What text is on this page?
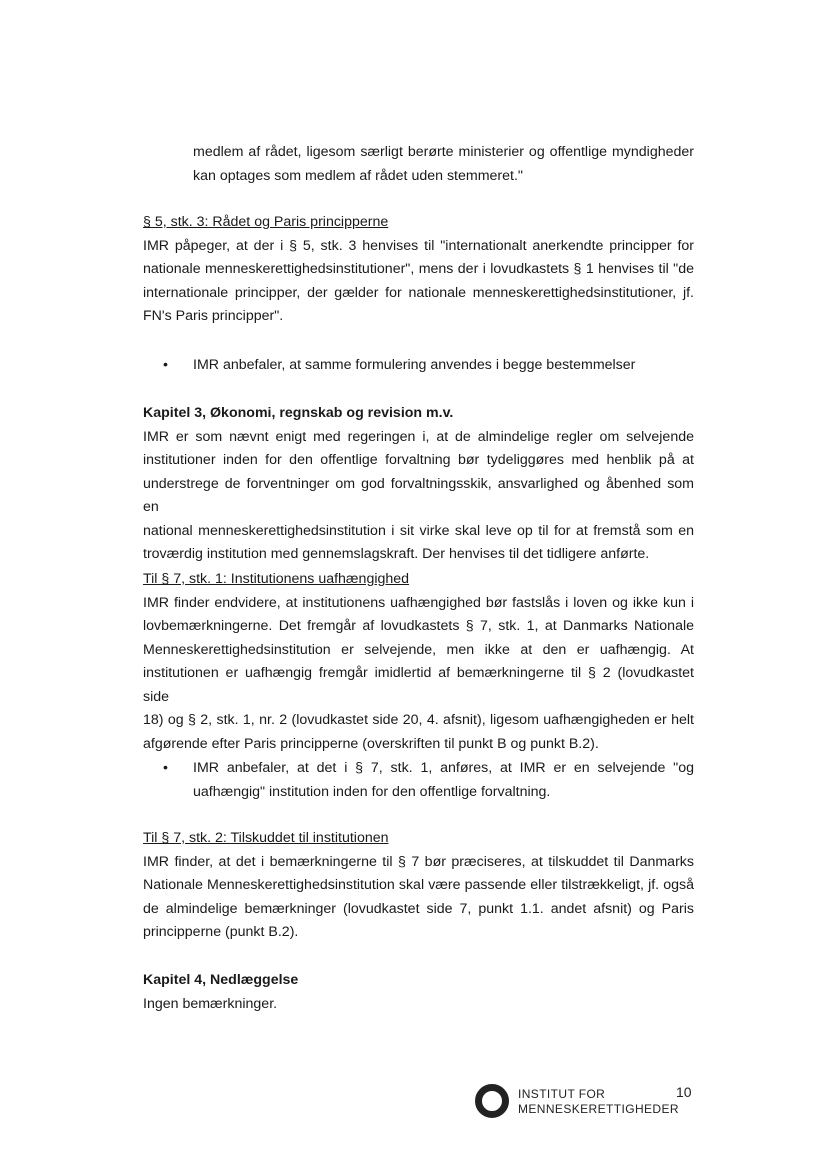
medlem af rådet, ligesom særligt berørte ministerier og offentlige myndigheder
kan optages som medlem af rådet uden stemmeret."
§ 5, stk. 3: Rådet og Paris principperne
IMR påpeger, at der i § 5, stk. 3 henvises til "internationalt anerkendte principper for
nationale menneskerettighedsinstitutioner", mens der i lovudkastets § 1 henvises til "de
internationale principper, der gælder for nationale menneskerettighedsinstitutioner, jf.
FN's Paris principper".
• IMR anbefaler, at samme formulering anvendes i begge bestemmelser
Kapitel 3, Økonomi, regnskab og revision m.v.
IMR er som nævnt enigt med regeringen i, at de almindelige regler om selvejende
institutioner inden for den offentlige forvaltning bør tydeliggøres med henblik på at
understrege de forventninger om god forvaltningsskik, ansvarlighed og åbenhed som en
national menneskerettighedsinstitution i sit virke skal leve op til for at fremstå som en
troværdig institution med gennemslagskraft. Der henvises til det tidligere anførte.
Til § 7, stk. 1: Institutionens uafhængighed
IMR finder endvidere, at institutionens uafhængighed bør fastslås i loven og ikke kun i
lovbemærkningerne. Det fremgår af lovudkastets § 7, stk. 1, at Danmarks Nationale
Menneskerettighedsinstitution er selvejende, men ikke at den er uafhængig. At
institutionen er uafhængig fremgår imidlertid af bemærkningerne til § 2 (lovudkastet side
18) og § 2, stk. 1, nr. 2 (lovudkastet side 20, 4. afsnit), ligesom uafhængigheden er helt
afgørende efter Paris principperne (overskriften til punkt B og punkt B.2).
• IMR anbefaler, at det i § 7, stk. 1, anføres, at IMR er en selvejende "og
uafhængig" institution inden for den offentlige forvaltning.
Til § 7, stk. 2: Tilskuddet til institutionen
IMR finder, at det i bemærkningerne til § 7 bør præciseres, at tilskuddet til Danmarks
Nationale Menneskerettighedsinstitution skal være passende eller tilstrækkeligt, jf. også
de almindelige bemærkninger (lovudkastet side 7, punkt 1.1. andet afsnit) og Paris
principperne (punkt B.2).
Kapitel 4, Nedlæggelse
Ingen bemærkninger.
INSTITUT FOR
MENNESKERETTIGHEDER
10
